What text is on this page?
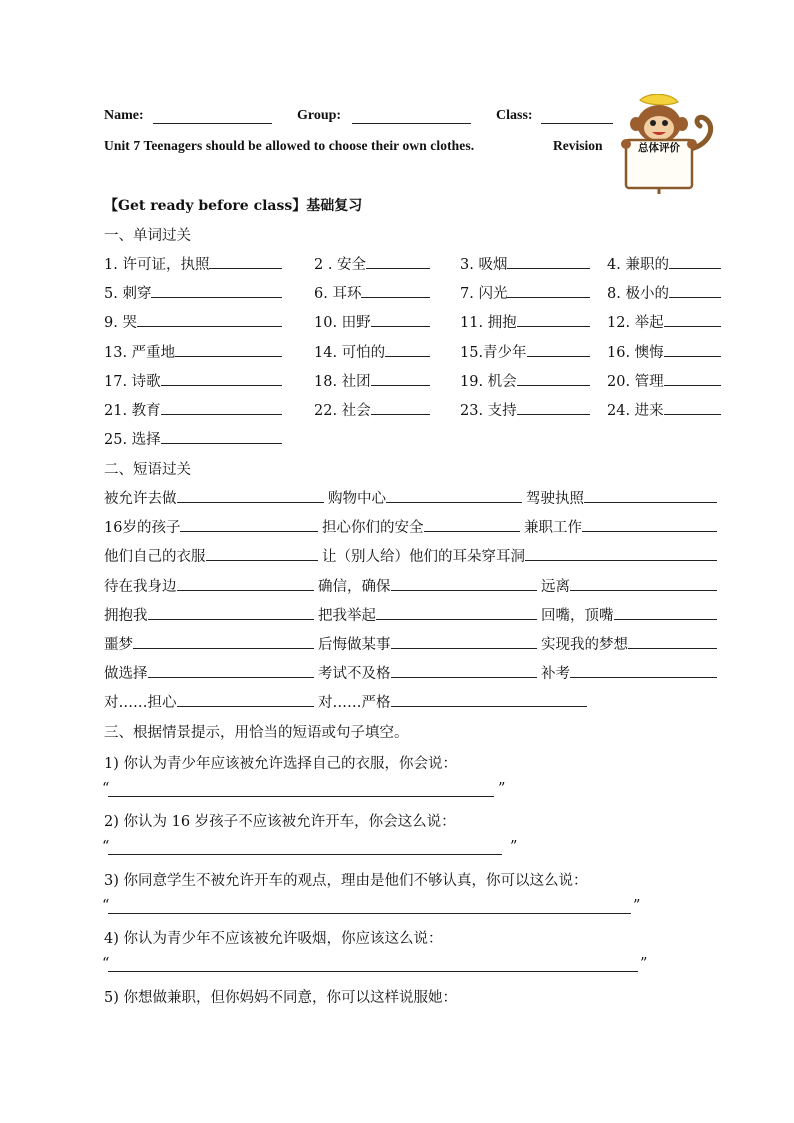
Name:	Group:	Class:
Unit 7 Teenagers should be allowed to choose their own clothes.	Revision	总体评价
【Get ready before class】基础复习
一、单词过关
1. 许可证，执照	2 . 安全	3. 吸烟	4. 兼职的
5. 刺穿	6. 耳环	7. 闪光	8. 极小的
9. 哭	10. 田野	11. 拥抱	12. 举起
13. 严重地	14. 可怕的	15.青少年	16. 懊悔
17. 诗歌	18. 社团	19. 机会	20. 管理
21. 教育	22. 社会	23. 支持	24. 进来
25. 选择
二、短语过关
被允许去做	购物中心	驾驶执照
16岁的孩子	担心你们的安全	兼职工作
他们自己的衣服	让（别人给）他们的耳朵穿耳洞
待在我身边	确信，确保	远离
拥抱我	把我举起	回嘴，顶嘴
噩梦	后悔做某事	实现我的梦想
做选择	考试不及格	补考
对……担心	对……严格
三、根据情景提示，用恰当的短语或句子填空。
1) 你认为青少年应该被允许选择自己的衣服，你会说：
“	”
2) 你认为 16 岁孩子不应该被允许开车，你会这么说：
“	”
3) 你同意学生不被允许开车的观点，理由是他们不够认真，你可以这么说：
“	”
4) 你认为青少年不应该被允许吸烟，你应该这么说：
“	”
5) 你想做兼职，但你妈妈不同意，你可以这样说服她：
